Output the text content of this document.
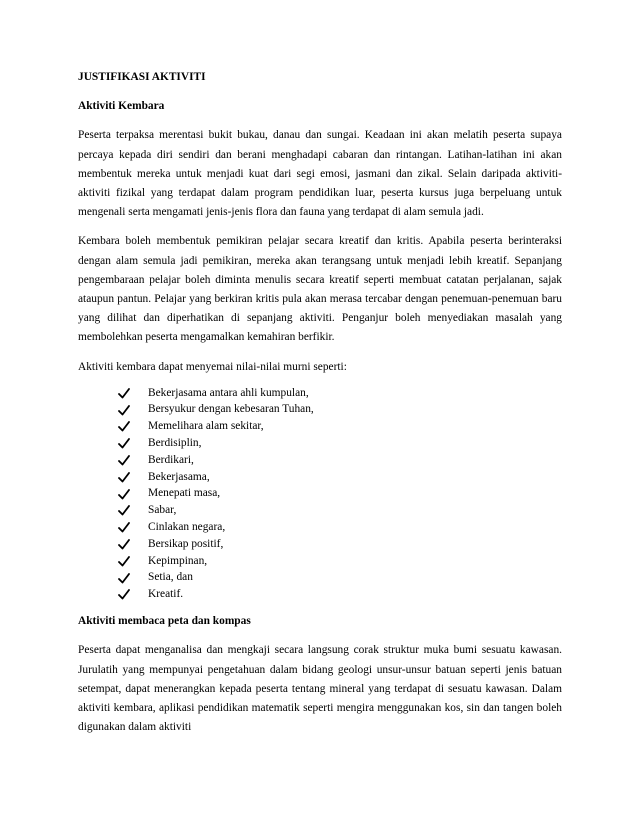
JUSTIFIKASI AKTIVITI
Aktiviti Kembara

Peserta terpaksa merentasi bukit bukau, danau dan sungai. Keadaan ini akan melatih peserta supaya percaya kepada diri sendiri dan berani menghadapi cabaran dan rintangan. Latihan-latihan ini akan membentuk mereka untuk menjadi kuat dari segi emosi, jasmani dan zikal. Selain daripada aktiviti-aktiviti fizikal yang terdapat dalam program pendidikan luar, peserta kursus juga berpeluang untuk mengenali serta mengamati jenis-jenis flora dan fauna yang terdapat di alam semula jadi.

Kembara boleh membentuk pemikiran pelajar secara kreatif dan kritis. Apabila peserta berinteraksi dengan alam semula jadi pemikiran, mereka akan terangsang untuk menjadi lebih kreatif. Sepanjang pengembaraan pelajar boleh diminta menulis secara kreatif seperti membuat catatan perjalanan, sajak ataupun pantun. Pelajar yang berkiran kritis pula akan merasa tercabar dengan penemuan-penemuan baru yang dilihat dan diperhatikan di sepanjang aktiviti. Penganjur boleh menyediakan masalah yang membolehkan peserta mengamalkan kemahiran berfikir.

Aktiviti kembara dapat menyemai nilai-nilai murni seperti:

Bekerjasama antara ahli kumpulan,
Bersyukur dengan kebesaran Tuhan,
Memelihara alam sekitar,
Berdisiplin,
Berdikari,
Bekerjasama,
Menepati masa,
Sabar,
Cinlakan negara,
Bersikap positif,
Kepimpinan,
Setia, dan
Kreatif.
Aktiviti membaca peta dan kompas

Peserta dapat menganalisa dan mengkaji secara langsung corak struktur muka bumi sesuatu kawasan. Jurulatih yang mempunyai pengetahuan dalam bidang geologi unsur-unsur batuan seperti jenis batuan setempat, dapat menerangkan kepada peserta tentang mineral yang terdapat di sesuatu kawasan. Dalam aktiviti kembara, aplikasi pendidikan matematik seperti mengira menggunakan kos, sin dan tangen boleh digunakan dalam aktiviti
